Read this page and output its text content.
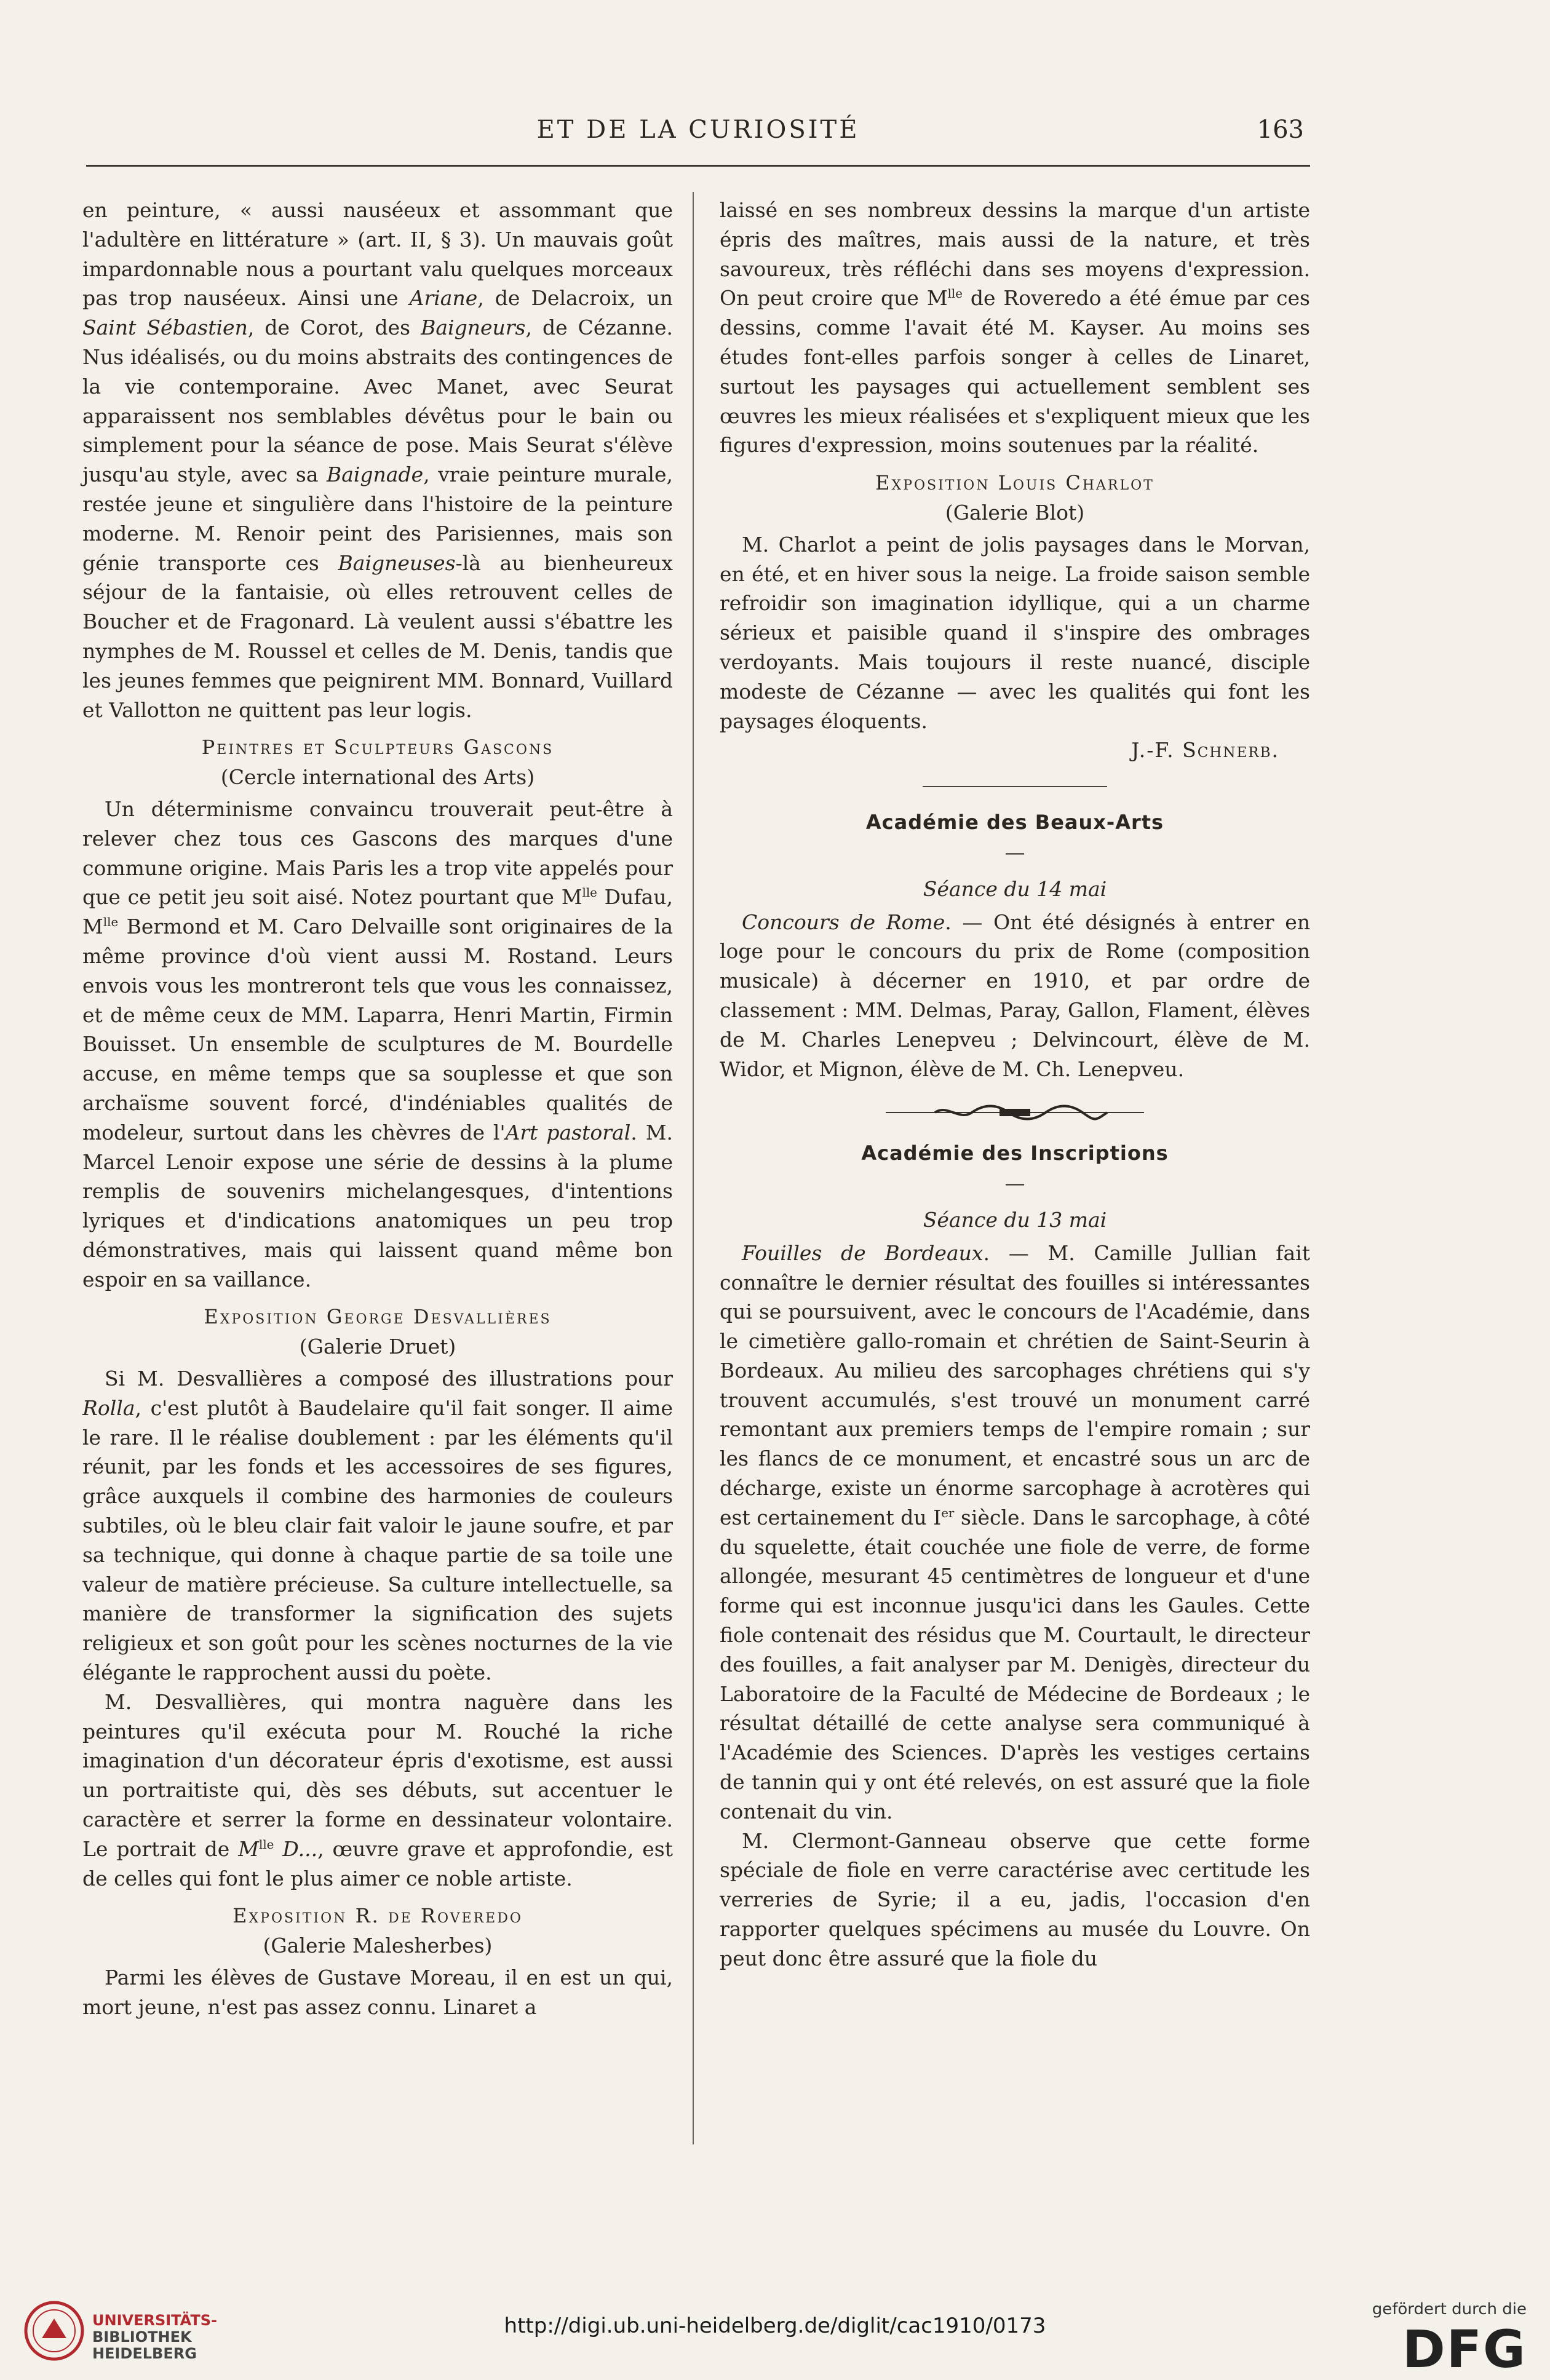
ET DE LA CURIOSITÉ	163

en peinture, « aussi nauséeux et assommant que l'adultère en littérature » (art. II, § 3). Un mauvais goût impardonnable nous a pourtant valu quelques morceaux pas trop nauséeux. Ainsi une Ariane, de Delacroix, un Saint Sébastien, de Corot, des Baigneurs, de Cézanne. Nus idéalisés, ou du moins abstraits des contingences de la vie contemporaine. Avec Manet, avec Seurat apparaissent nos semblables dévêtus pour le bain ou simplement pour la séance de pose. Mais Seurat s'élève jusqu'au style, avec sa Baignade, vraie peinture murale, restée jeune et singulière dans l'histoire de la peinture moderne. M. Renoir peint des Parisiennes, mais son génie transporte ces Baigneuses-là au bienheureux séjour de la fantaisie, où elles retrouvent celles de Boucher et de Fragonard. Là veulent aussi s'ébattre les nymphes de M. Roussel et celles de M. Denis, tandis que les jeunes femmes que peignirent MM. Bonnard, Vuillard et Vallotton ne quittent pas leur logis.

Peintres et Sculpteurs Gascons
(Cercle international des Arts)

Un déterminisme convaincu trouverait peut-être à relever chez tous ces Gascons des marques d'une commune origine. Mais Paris les a trop vite appelés pour que ce petit jeu soit aisé. Notez pourtant que $M^{lle}$ Dufau, $M^{lle}$ Bermond et M. Caro Delvaille sont originaires de la même province d'où vient aussi M. Rostand. Leurs envois vous les montreront tels que vous les connaissez, et de même ceux de MM. Laparra, Henri Martin, Firmin Bouisset. Un ensemble de sculptures de M. Bourdelle accuse, en même temps que sa souplesse et que son archaïsme souvent forcé, d'indéniables qualités de modeleur, surtout dans les chèvres de l'Art pastoral. M. Marcel Lenoir expose une série de dessins à la plume remplis de souvenirs michelangesques, d'intentions lyriques et d'indications anatomiques un peu trop démonstratives, mais qui laissent quand même bon espoir en sa vaillance.

Exposition George Desvallières
(Galerie Druet)

Si M. Desvallières a composé des illustrations pour Rolla, c'est plutôt à Baudelaire qu'il fait songer. Il aime le rare. Il le réalise doublement : par les éléments qu'il réunit, par les fonds et les accessoires de ses figures, grâce auxquels il combine des harmonies de couleurs subtiles, où le bleu clair fait valoir le jaune soufre, et par sa technique, qui donne à chaque partie de sa toile une valeur de matière précieuse. Sa culture intellectuelle, sa manière de transformer la signification des sujets religieux et son goût pour les scènes nocturnes de la vie élégante le rapprochent aussi du poète.

M. Desvallières, qui montra naguère dans les peintures qu'il exécuta pour M. Rouché la riche imagination d'un décorateur épris d'exotisme, est aussi un portraitiste qui, dès ses débuts, sut accentuer le caractère et serrer la forme en dessinateur volontaire. Le portrait de $M^{lle}$ D..., œuvre grave et approfondie, est de celles qui font le plus aimer ce noble artiste.

Exposition R. de Roveredo
(Galerie Malesherbes)

Parmi les élèves de Gustave Moreau, il en est un qui, mort jeune, n'est pas assez connu. Linaret a

laissé en ses nombreux dessins la marque d'un artiste épris des maîtres, mais aussi de la nature, et très savoureux, très réfléchi dans ses moyens d'expression. On peut croire que $M^{lle}$ de Roveredo a été émue par ces dessins, comme l'avait été M. Kayser. Au moins ses études font-elles parfois songer à celles de Linaret, surtout les paysages qui actuellement semblent ses œuvres les mieux réalisées et s'expliquent mieux que les figures d'expression, moins soutenues par la réalité.

Exposition Louis Charlot
(Galerie Blot)

M. Charlot a peint de jolis paysages dans le Morvan, en été, et en hiver sous la neige. La froide saison semble refroidir son imagination idyllique, qui a un charme sérieux et paisible quand il s'inspire des ombrages verdoyants. Mais toujours il reste nuancé, disciple modeste de Cézanne — avec les qualités qui font les paysages éloquents.

J.-F. Schnerb.
Académie des Beaux-Arts
—
Séance du 14 mai

Concours de Rome. — Ont été désignés à entrer en loge pour le concours du prix de Rome (composition musicale) à décerner en 1910, et par ordre de classement : MM. Delmas, Paray, Gallon, Flament, élèves de M. Charles Lenepveu ; Delvincourt, élève de M. Widor, et Mignon, élève de M. Ch. Lenepveu.

Académie des Inscriptions
—
Séance du 13 mai

Fouilles de Bordeaux. — M. Camille Jullian fait connaître le dernier résultat des fouilles si intéressantes qui se poursuivent, avec le concours de l'Académie, dans le cimetière gallo-romain et chrétien de Saint-Seurin à Bordeaux. Au milieu des sarcophages chrétiens qui s'y trouvent accumulés, s'est trouvé un monument carré remontant aux premiers temps de l'empire romain ; sur les flancs de ce monument, et encastré sous un arc de décharge, existe un énorme sarcophage à acrotères qui est certainement du Ier siècle. Dans le sarcophage, à côté du squelette, était couchée une fiole de verre, de forme allongée, mesurant 45 centimètres de longueur et d'une forme qui est inconnue jusqu'ici dans les Gaules. Cette fiole contenait des résidus que M. Courtault, le directeur des fouilles, a fait analyser par M. Denigès, directeur du Laboratoire de la Faculté de Médecine de Bordeaux ; le résultat détaillé de cette analyse sera communiqué à l'Académie des Sciences. D'après les vestiges certains de tannin qui y ont été relevés, on est assuré que la fiole contenait du vin.

M. Clermont-Ganneau observe que cette forme spéciale de fiole en verre caractérise avec certitude les verreries de Syrie; il a eu, jadis, l'occasion d'en rapporter quelques spécimens au musée du Louvre. On peut donc être assuré que la fiole du

UNIVERSITÄTS-
BIBLIOTHEK
HEIDELBERG
http://digi.ub.uni-heidelberg.de/diglit/cac1910/0173
gefördert durch die
DFG
